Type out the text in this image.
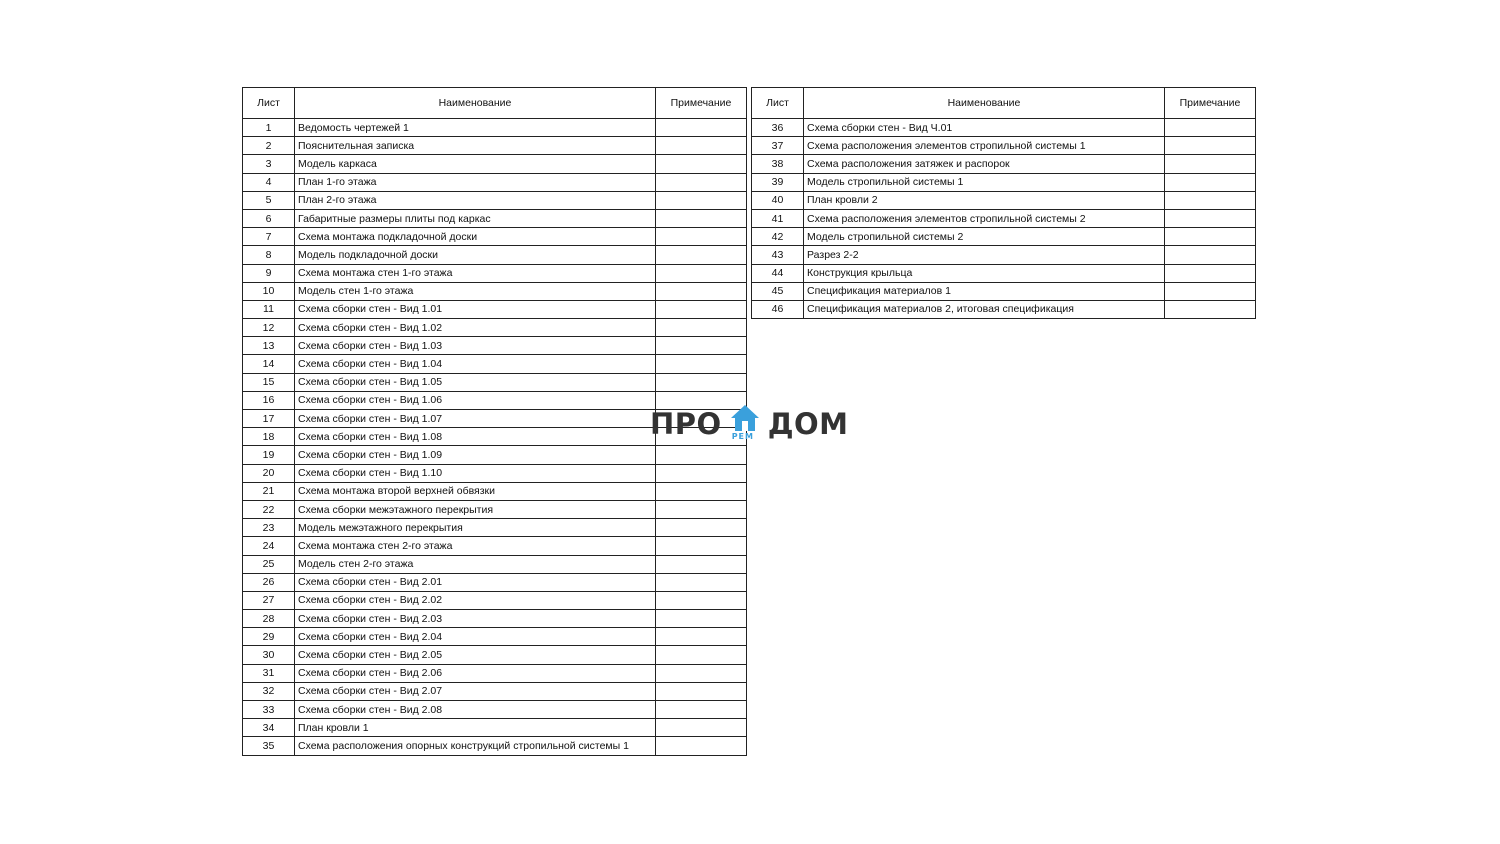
Лист	Наименование	Примечание
1	Ведомость чертежей 1	
2	Пояснительная записка	
3	Модель каркаса	
4	План 1-го этажа	
5	План 2-го этажа	
6	Габаритные размеры плиты под каркас	
7	Схема монтажа подкладочной доски	
8	Модель подкладочной доски	
9	Схема монтажа стен 1-го этажа	
10	Модель стен 1-го этажа	
11	Схема сборки стен - Вид 1.01	
12	Схема сборки стен - Вид 1.02	
13	Схема сборки стен - Вид 1.03	
14	Схема сборки стен - Вид 1.04	
15	Схема сборки стен - Вид 1.05	
16	Схема сборки стен - Вид 1.06	
17	Схема сборки стен - Вид 1.07	
18	Схема сборки стен - Вид 1.08	
19	Схема сборки стен - Вид 1.09	
20	Схема сборки стен - Вид 1.10	
21	Схема монтажа второй верхней обвязки	
22	Схема сборки межэтажного перекрытия	
23	Модель межэтажного перекрытия	
24	Схема монтажа стен 2-го этажа	
25	Модель стен 2-го этажа	
26	Схема сборки стен - Вид 2.01	
27	Схема сборки стен - Вид 2.02	
28	Схема сборки стен - Вид 2.03	
29	Схема сборки стен - Вид 2.04	
30	Схема сборки стен - Вид 2.05	
31	Схема сборки стен - Вид 2.06	
32	Схема сборки стен - Вид 2.07	
33	Схема сборки стен - Вид 2.08	
34	План кровли 1	
35	Схема расположения опорных конструкций стропильной системы 1	
Лист	Наименование	Примечание
36	Схема сборки стен - Вид Ч.01	
37	Схема расположения элементов стропильной системы 1	
38	Схема расположения затяжек и распорок	
39	Модель стропильной системы 1	
40	План кровли 2	
41	Схема расположения элементов стропильной системы 2	
42	Модель стропильной системы 2	
43	Разрез 2-2	
44	Конструкция крыльца	
45	Спецификация материалов 1	
46	Спецификация материалов 2, итоговая спецификация	
ПРО РЕМ ДОМ
